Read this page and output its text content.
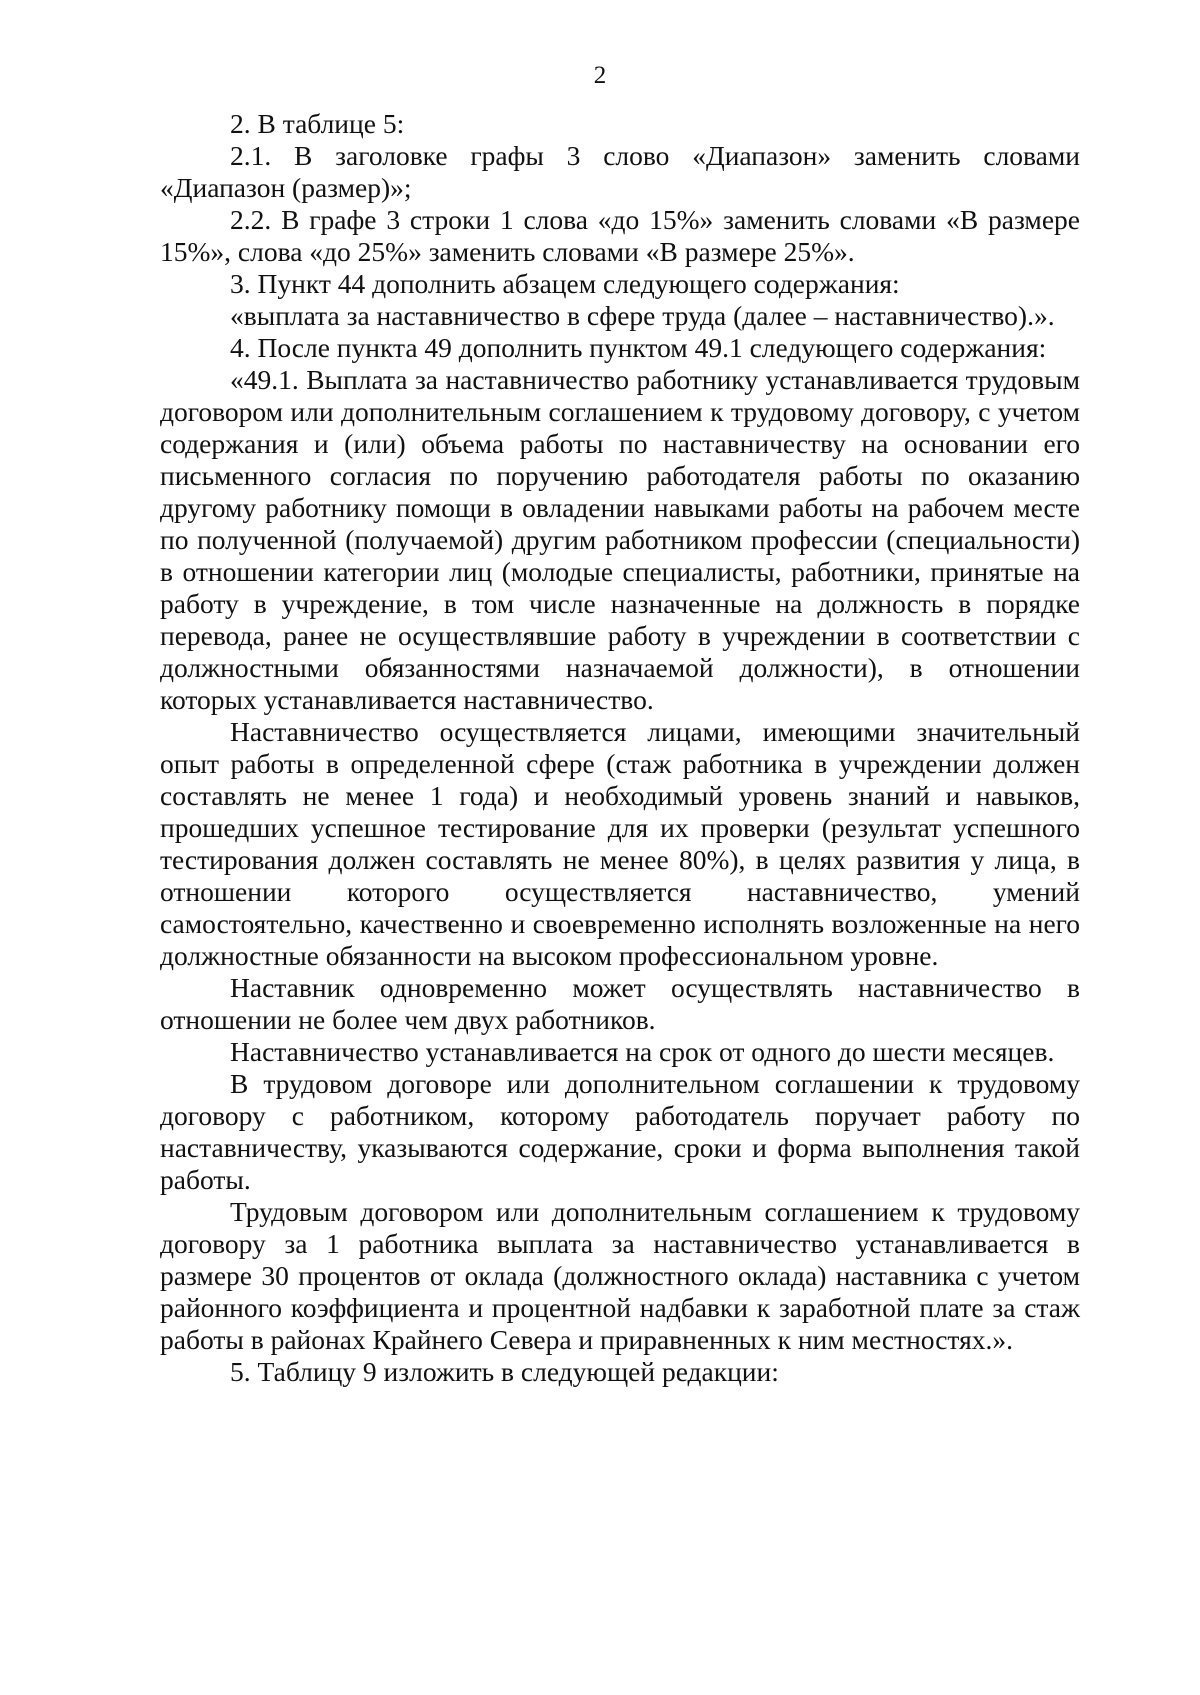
2

2. В таблице 5:

2.1. В заголовке графы 3 слово «Диапазон» заменить словами «Диапазон (размер)»;

2.2. В графе 3 строки 1 слова «до 15%» заменить словами «В размере 15%», слова «до 25%» заменить словами «В размере 25%».

3. Пункт 44 дополнить абзацем следующего содержания:

«выплата за наставничество в сфере труда (далее – наставничество).».

4. После пункта 49 дополнить пунктом 49.1 следующего содержания:

«49.1. Выплата за наставничество работнику устанавливается трудовым договором или дополнительным соглашением к трудовому договору, с учетом содержания и (или) объема работы по наставничеству на основании его письменного согласия по поручению работодателя работы по оказанию другому работнику помощи в овладении навыками работы на рабочем месте по полученной (получаемой) другим работником профессии (специальности) в отношении категории лиц (молодые специалисты, работники, принятые на работу в учреждение, в том числе назначенные на должность в порядке перевода, ранее не осуществлявшие работу в учреждении в соответствии с должностными обязанностями назначаемой должности), в отношении которых устанавливается наставничество.

Наставничество осуществляется лицами, имеющими значительный опыт работы в определенной сфере (стаж работника в учреждении должен составлять не менее 1 года) и необходимый уровень знаний и навыков, прошедших успешное тестирование для их проверки (результат успешного тестирования должен составлять не менее 80%), в целях развития у лица, в отношении которого осуществляется наставничество, умений самостоятельно, качественно и своевременно исполнять возложенные на него должностные обязанности на высоком профессиональном уровне.

Наставник одновременно может осуществлять наставничество в отношении не более чем двух работников.

Наставничество устанавливается на срок от одного до шести месяцев.

В трудовом договоре или дополнительном соглашении к трудовому договору с работником, которому работодатель поручает работу по наставничеству, указываются содержание, сроки и форма выполнения такой работы.

Трудовым договором или дополнительным соглашением к трудовому договору за 1 работника выплата за наставничество устанавливается в размере 30 процентов от оклада (должностного оклада) наставника с учетом районного коэффициента и процентной надбавки к заработной плате за стаж работы в районах Крайнего Севера и приравненных к ним местностях.».

5. Таблицу 9 изложить в следующей редакции:
